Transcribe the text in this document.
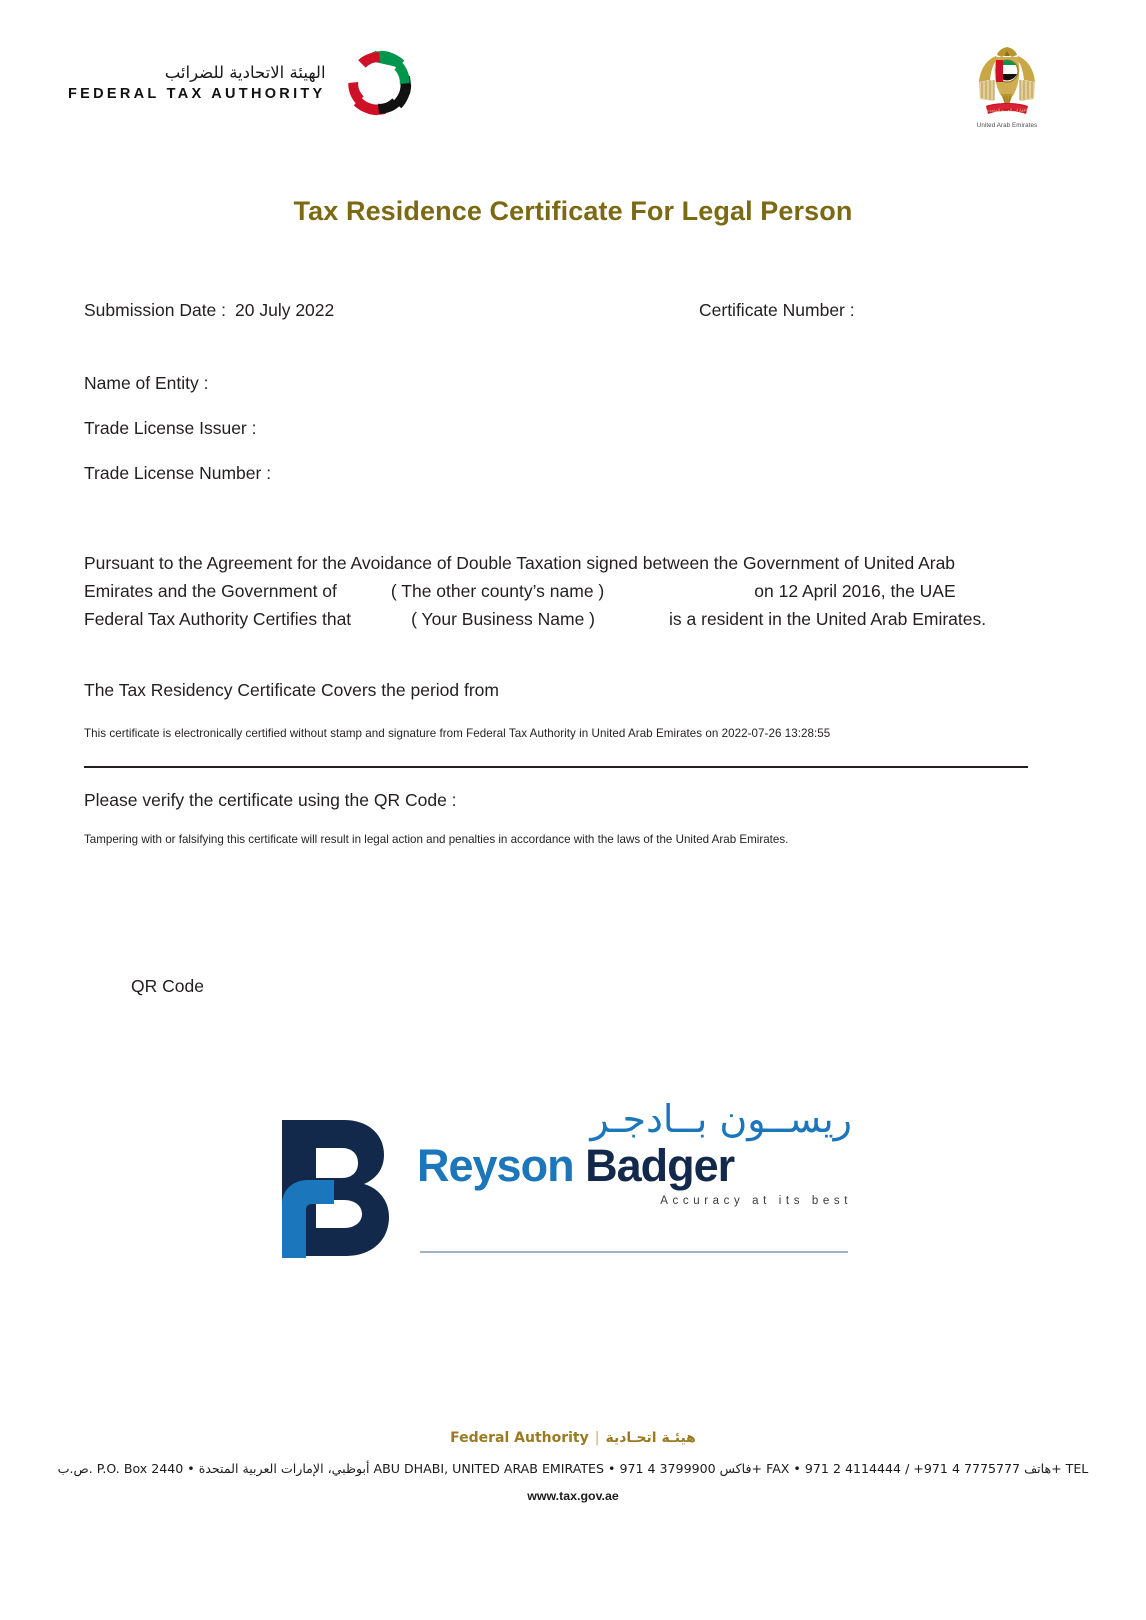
الهيئة الاتحادية للضرائب
FEDERAL TAX AUTHORITY
الإمارات العربية المتحدة
United Arab Emirates
Tax Residence Certificate For Legal Person
Submission Date : 20 July 2022	Certificate Number :
Name of Entity :
Trade License Issuer :
Trade License Number :
Pursuant to the Agreement for the Avoidance of Double Taxation signed between the Government of United Arab Emirates and the Government of	( The other county’s name )	on 12 April 2016, the UAE Federal Tax Authority Certifies that	( Your Business Name )	is a resident in the United Arab Emirates.
The Tax Residency Certificate Covers the period from
This certificate is electronically certified without stamp and signature from Federal Tax Authority in United Arab Emirates on 2022-07-26 13:28:55
Please verify the certificate using the QR Code :
Tampering with or falsifying this certificate will result in legal action and penalties in accordance with the laws of the United Arab Emirates.
QR Code
ريســون بــادجـر
Reyson Badger
Accuracy at its best
Federal Authority | هيئـة اتحـادية
ص.ب. P.O. Box 2440 • أبوظبي، الإمارات العربية المتحدة ABU DHABI, UNITED ARAB EMIRATES • فاكس 3799900 4 971+ FAX • هاتف 7775777 4 971+ / 4114444 2 971+ TEL
www.tax.gov.ae
